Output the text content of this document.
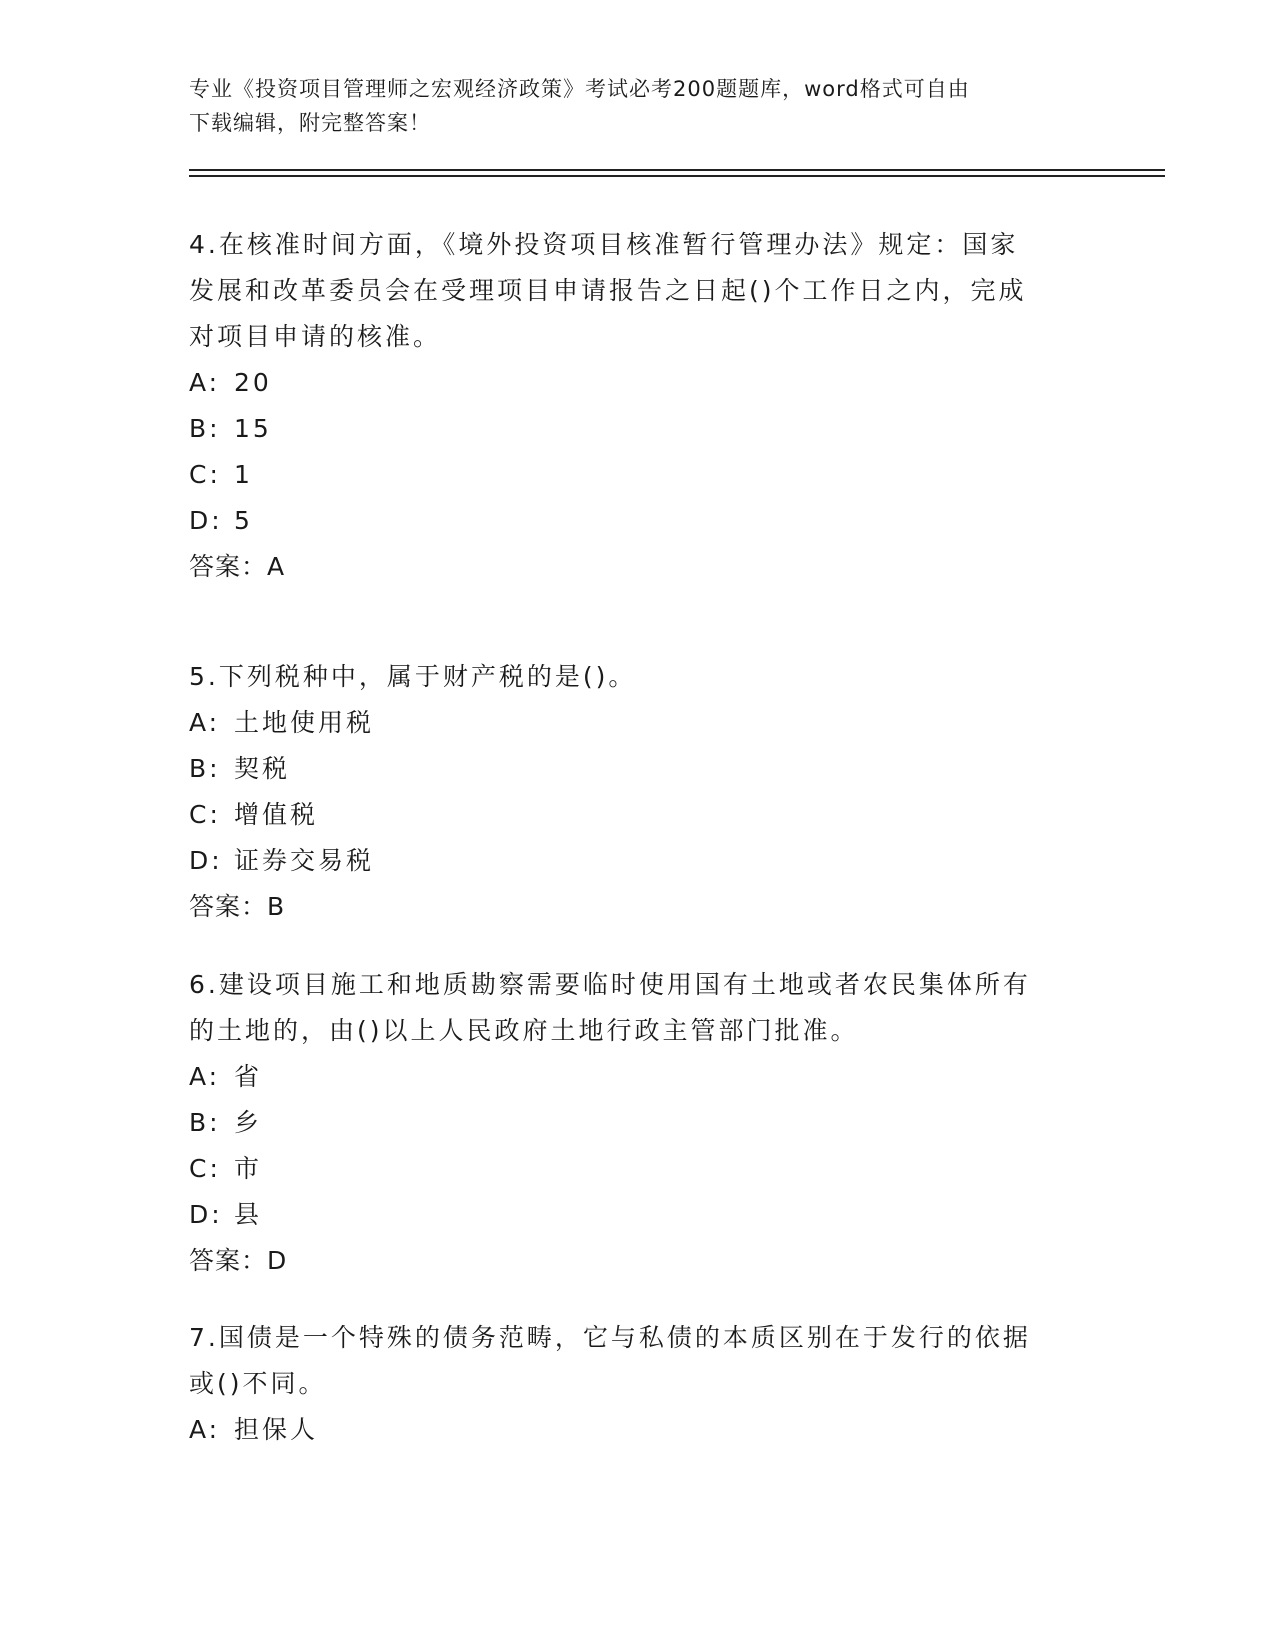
专业《投资项目管理师之宏观经济政策》考试必考200题题库，word格式可自由
下载编辑，附完整答案！

4.在核准时间方面，《境外投资项目核准暂行管理办法》规定：国家

发展和改革委员会在受理项目申请报告之日起()个工作日之内，完成

对项目申请的核准。

A: 20

B: 15

C: 1

D: 5

答案：A

5.下列税种中，属于财产税的是()。

A: 土地使用税

B: 契税

C: 增值税

D: 证券交易税

答案：B

6.建设项目施工和地质勘察需要临时使用国有土地或者农民集体所有

的土地的，由()以上人民政府土地行政主管部门批准。

A: 省

B: 乡

C: 市

D: 县

答案：D

7.国债是一个特殊的债务范畴，它与私债的本质区别在于发行的依据

或()不同。

A: 担保人
